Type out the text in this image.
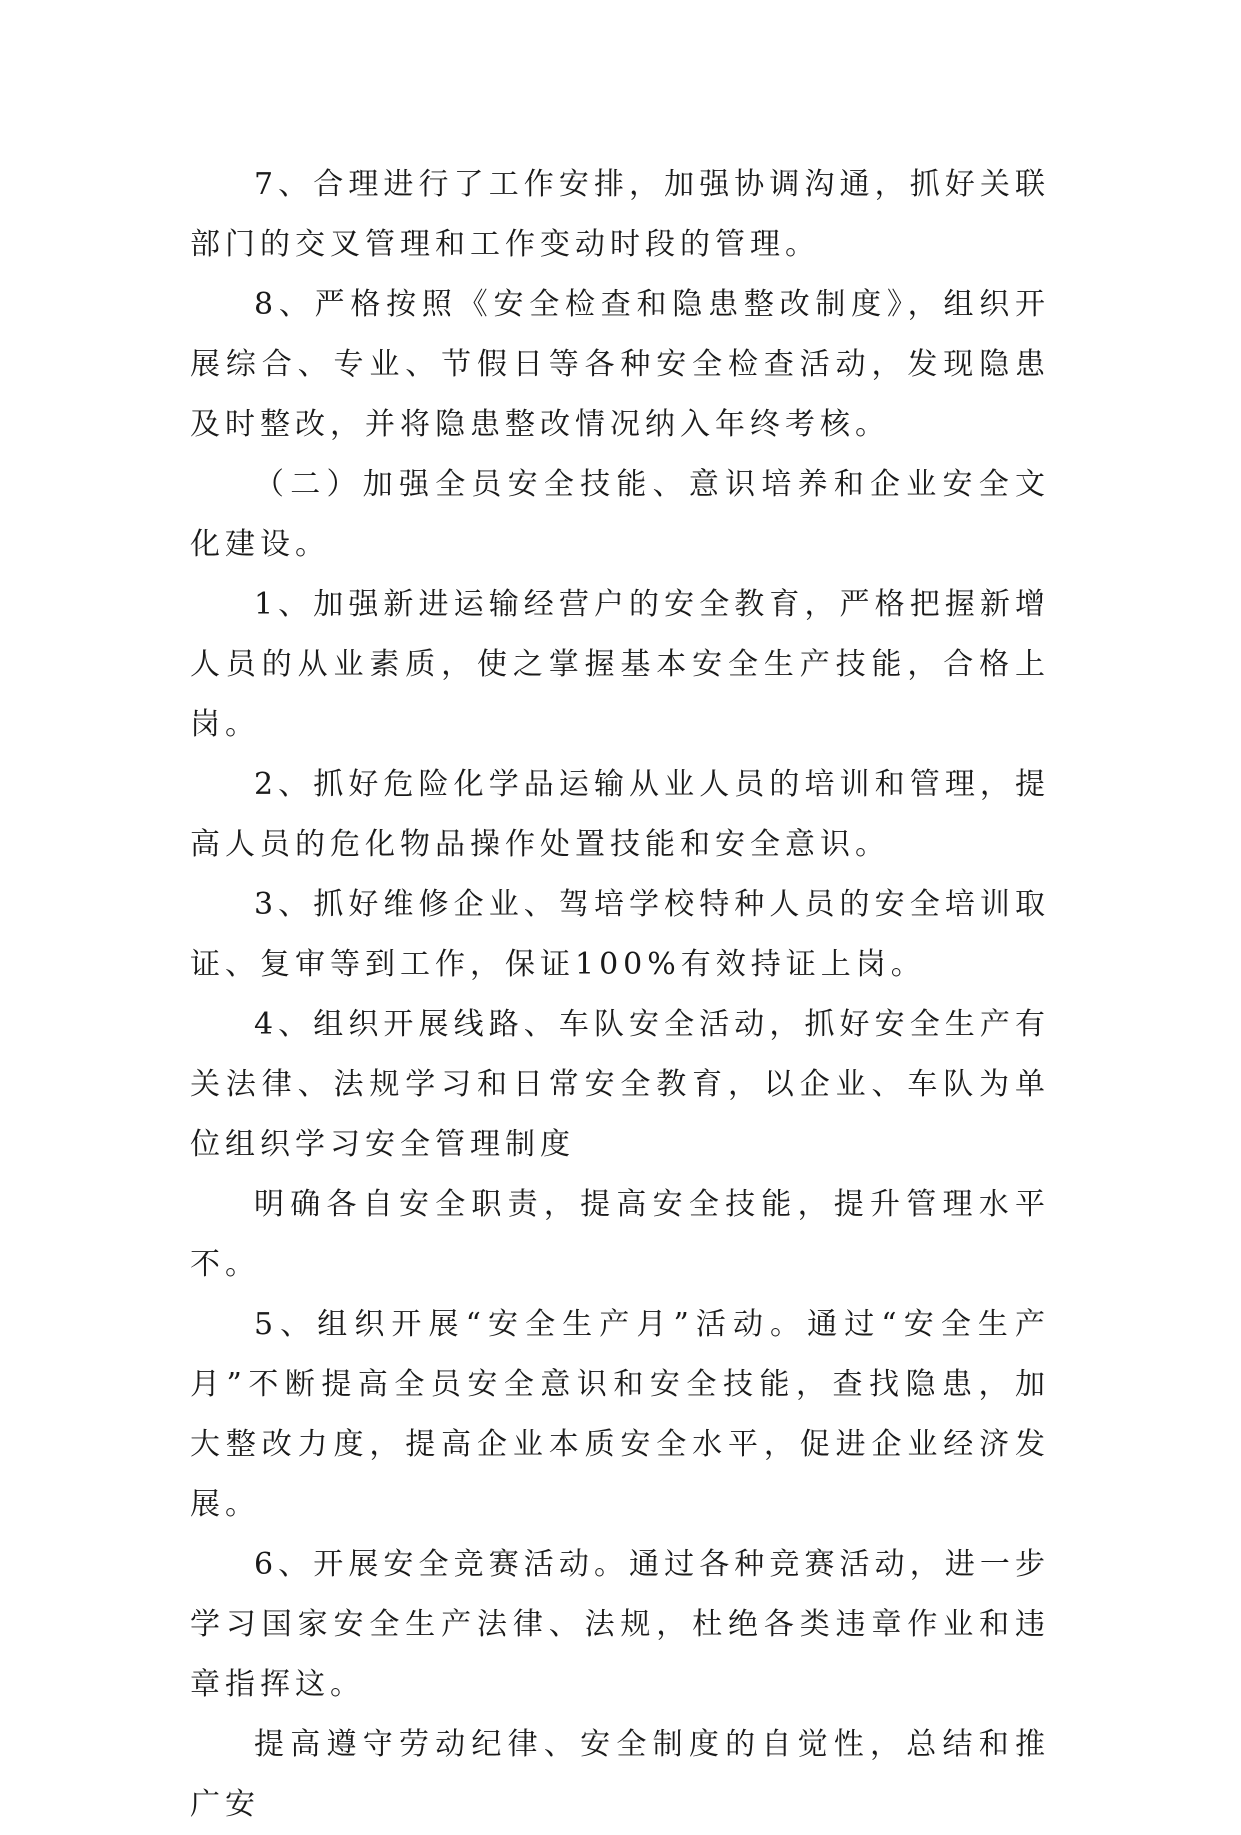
7、合理进行了工作安排，加强协调沟通，抓好关联部门的交叉管理和工作变动时段的管理。

8、严格按照《安全检查和隐患整改制度》，组织开展综合、专业、节假日等各种安全检查活动，发现隐患及时整改，并将隐患整改情况纳入年终考核。

（二）加强全员安全技能、意识培养和企业安全文化建设。

1、加强新进运输经营户的安全教育，严格把握新增人员的从业素质，使之掌握基本安全生产技能，合格上岗。

2、抓好危险化学品运输从业人员的培训和管理，提高人员的危化物品操作处置技能和安全意识。

3、抓好维修企业、驾培学校特种人员的安全培训取证、复审等到工作，保证100%有效持证上岗。

4、组织开展线路、车队安全活动，抓好安全生产有关法律、法规学习和日常安全教育，以企业、车队为单位组织学习安全管理制度

明确各自安全职责，提高安全技能，提升管理水平不。

5、组织开展“安全生产月”活动。通过“安全生产月”不断提高全员安全意识和安全技能，查找隐患，加大整改力度，提高企业本质安全水平，促进企业经济发展。

6、开展安全竞赛活动。通过各种竞赛活动，进一步学习国家安全生产法律、法规，杜绝各类违章作业和违章指挥这。

提高遵守劳动纪律、安全制度的自觉性，总结和推广安
